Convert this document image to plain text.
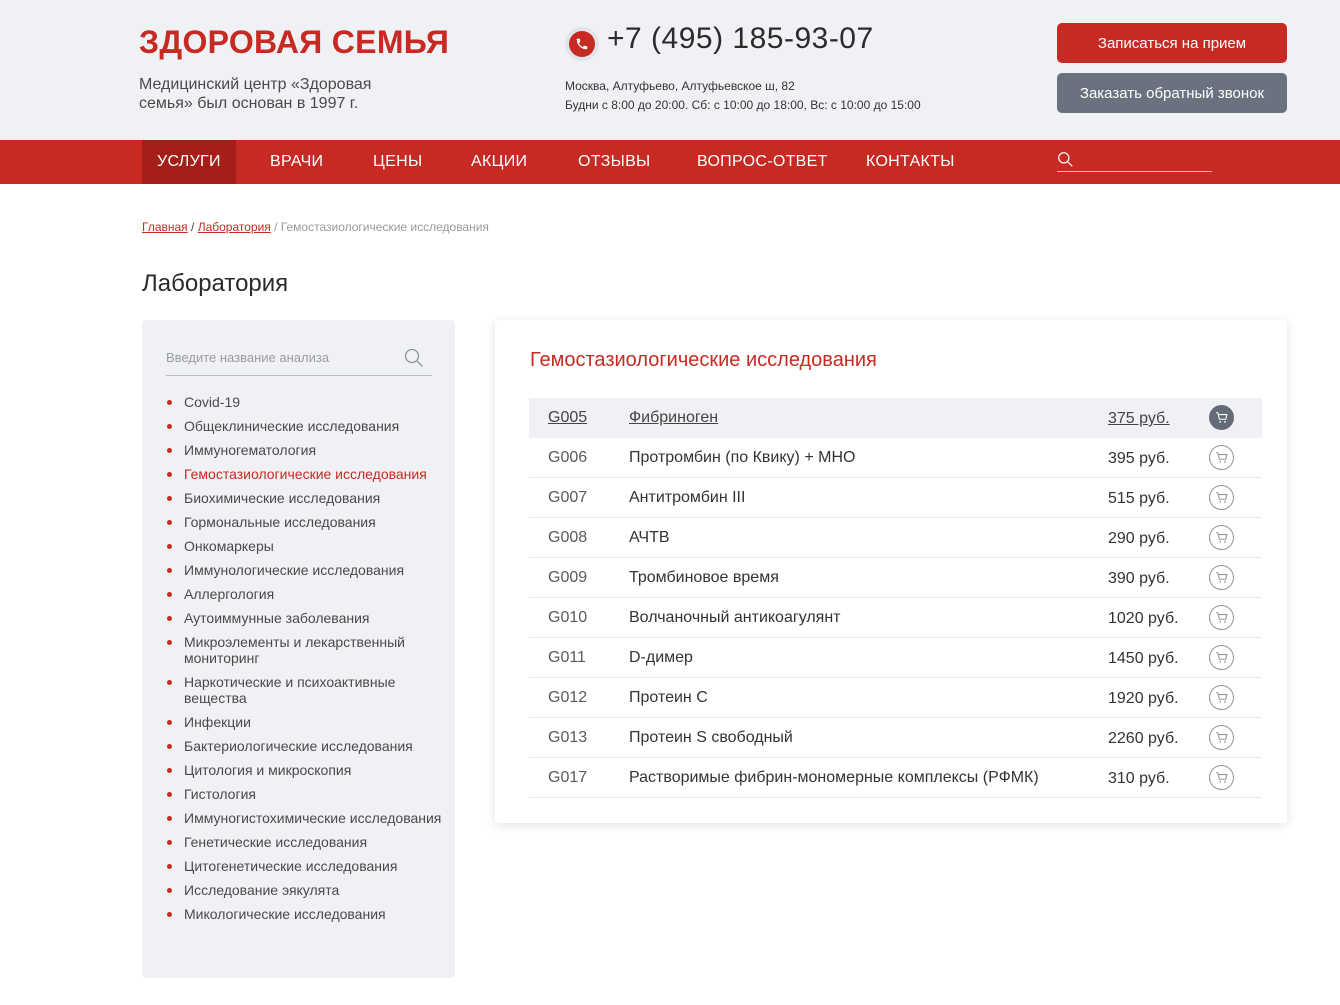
ЗДОРОВАЯ СЕМЬЯ
Медицинский центр «Здоровая семья» был основан в 1997 г.
+7 (495) 185-93-07
Москва, Алтуфьево, Алтуфьевское ш, 82
Будни с 8:00 до 20:00. Сб: с 10:00 до 18:00, Вс: с 10:00 до 15:00
Записаться на прием
Заказать обратный звонок
УСЛУГИ	ВРАЧИ	ЦЕНЫ	АКЦИИ	ОТЗЫВЫ	ВОПРОС-ОТВЕТ КОНТАКТЫ
Главная / Лаборатория / Гемостазиологические исследования
Лаборатория
Введите название анализа
Covid-19
Общеклинические исследования
Иммуногематология
Гемостазиологические исследования
Биохимические исследования
Гормональные исследования
Онкомаркеры
Иммунологические исследования
Аллергология
Аутоиммунные заболевания
Микроэлементы и лекарственный мониторинг
Наркотические и психоактивные вещества
Инфекции
Бактериологические исследования
Цитология и микроскопия
Гистология
Иммуногистохимические исследования
Генетические исследования
Цитогенетические исследования
Исследование эякулята
Микологические исследования
Гемостазиологические исследования
G005	Фибриноген	375 руб.
G006	Протромбин (по Квику) + МНО	395 руб.
G007	Антитромбин III	515 руб.
G008	АЧТВ	290 руб.
G009	Тромбиновое время	390 руб.
G010	Волчаночный антикоагулянт	1020 руб.
G011	D-димер	1450 руб.
G012	Протеин С	1920 руб.
G013	Протеин S свободный	2260 руб.
G017	Растворимые фибрин-мономерные комплексы (РФМК)	310 руб.
